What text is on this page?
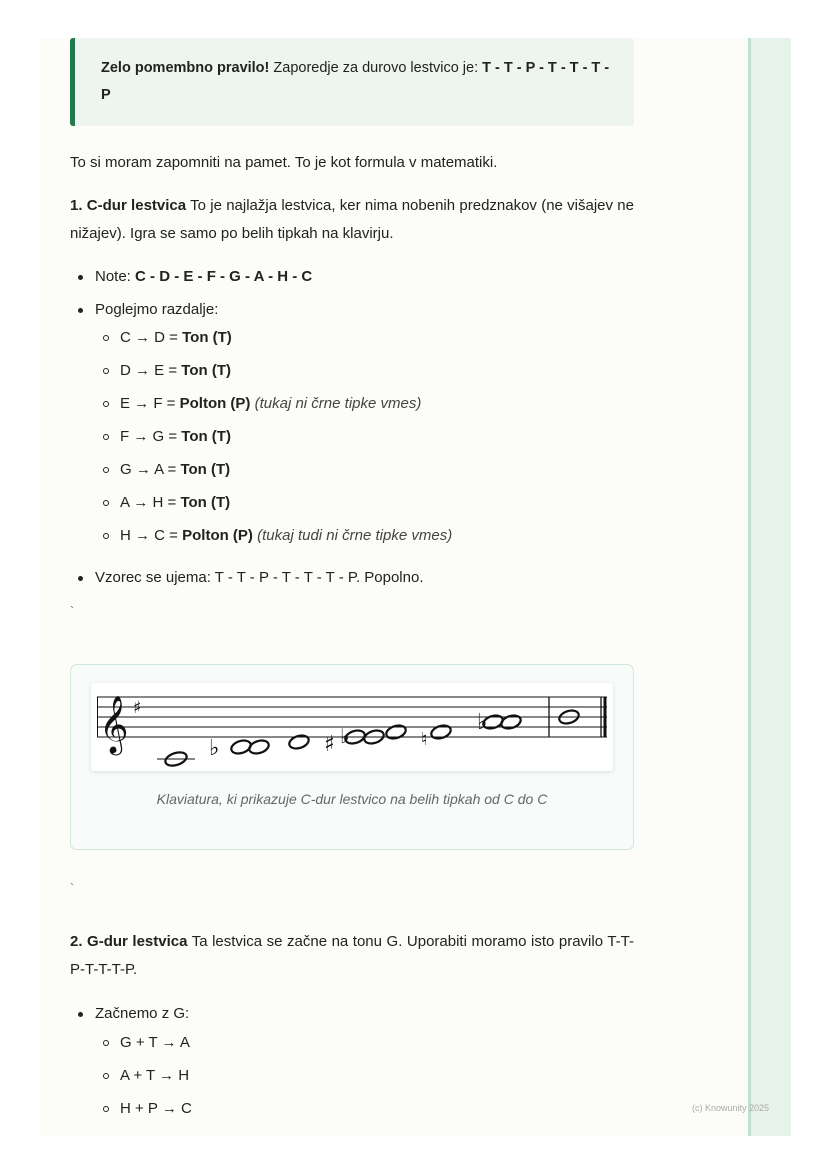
Zelo pomembno pravilo! Zaporedje za durovo lestvico je: T - T - P - T - T - T - P

To si moram zapomniti na pamet. To je kot formula v matematiki.

1. C-dur lestvica To je najlažja lestvica, ker nima nobenih predznakov (ne višajev ne nižajev). Igra se samo po belih tipkah na klavirju.

Note: C - D - E - F - G - A - H - C
Poglejmo razdalje:
C → D = Ton (T)
D → E = Ton (T)
E → F = Polton (P) (tukaj ni črne tipke vmes)
F → G = Ton (T)
G → A = Ton (T)
A → H = Ton (T)
H → C = Polton (P) (tukaj tudi ni črne tipke vmes)
Vzorec se ujema: T - T - P - T - T - T - P. Popolno.
`
𝄞 ♯
♭	♯ ♭	♮
♭
Klaviatura, ki prikazuje C-dur lestvico na belih tipkah od C do C
`

2. G-dur lestvica Ta lestvica se začne na tonu G. Uporabiti moramo isto pravilo T-T-P-T-T-T-P.

Začnemo z G:
G + T → A
A + T → H
H + P → C	(c) Knowunity 2025
